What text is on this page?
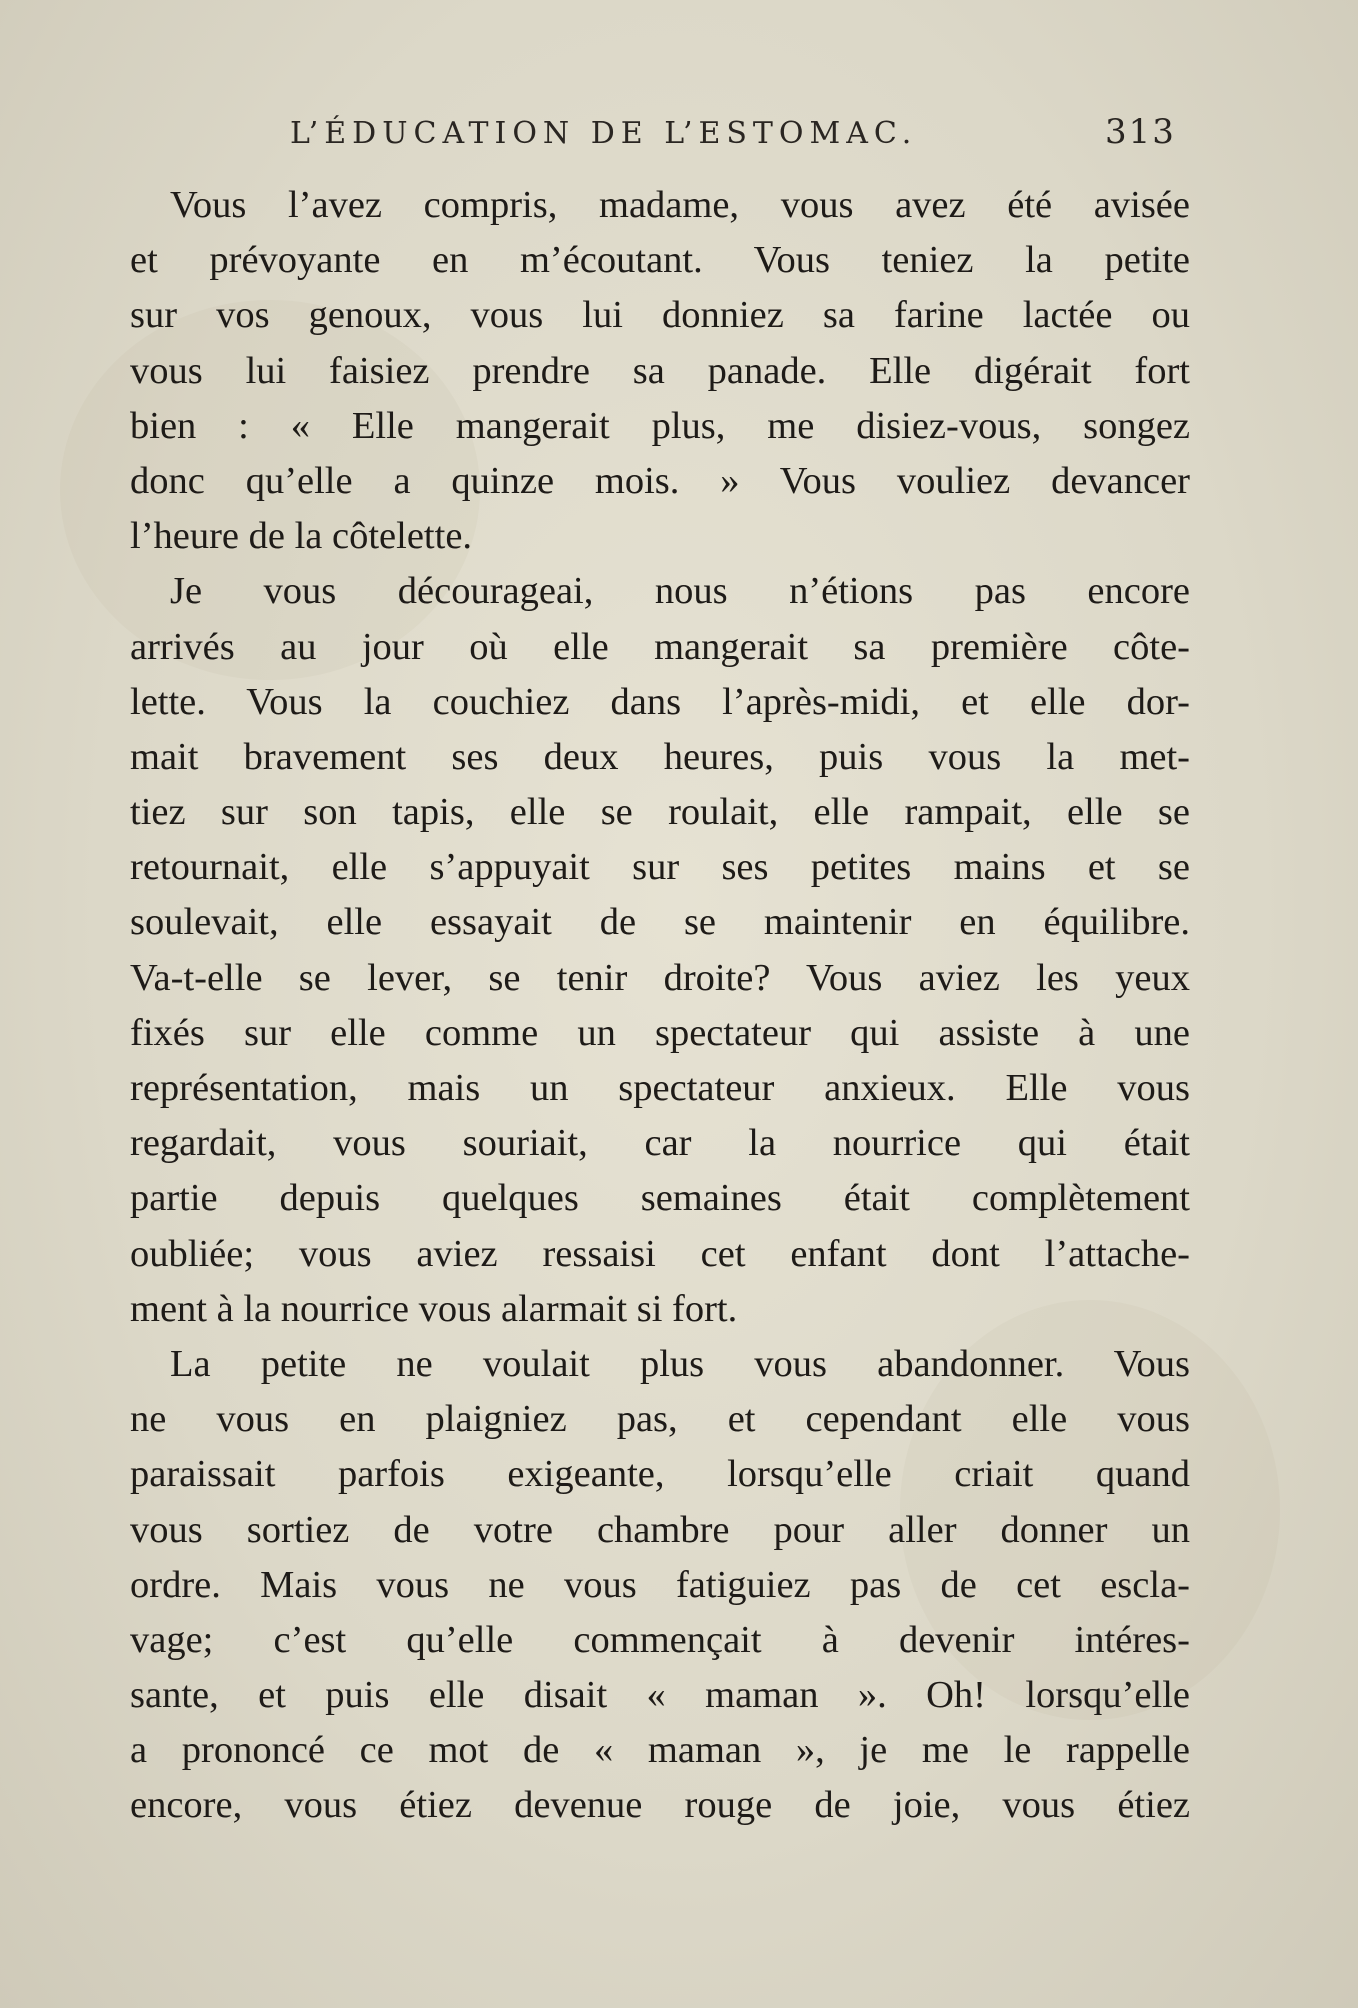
L’ÉDUCATION DE L’ESTOMAC.	313
Vous l’avez compris, madame, vous avez été avisée
et prévoyante en m’écoutant. Vous teniez la petite
sur vos genoux, vous lui donniez sa farine lactée ou
vous lui faisiez prendre sa panade. Elle digérait fort
bien : « Elle mangerait plus, me disiez-vous, songez
donc qu’elle a quinze mois. » Vous vouliez devancer
l’heure de la côtelette.
Je vous décourageai, nous n’étions pas encore
arrivés au jour où elle mangerait sa première côte-
lette. Vous la couchiez dans l’après-midi, et elle dor-
mait bravement ses deux heures, puis vous la met-
tiez sur son tapis, elle se roulait, elle rampait, elle se
retournait, elle s’appuyait sur ses petites mains et se
soulevait, elle essayait de se maintenir en équilibre.
Va-t-elle se lever, se tenir droite? Vous aviez les yeux
fixés sur elle comme un spectateur qui assiste à une
représentation, mais un spectateur anxieux. Elle vous
regardait, vous souriait, car la nourrice qui était
partie depuis quelques semaines était complètement
oubliée; vous aviez ressaisi cet enfant dont l’attache-
ment à la nourrice vous alarmait si fort.
La petite ne voulait plus vous abandonner. Vous
ne vous en plaigniez pas, et cependant elle vous
paraissait parfois exigeante, lorsqu’elle criait quand
vous sortiez de votre chambre pour aller donner un
ordre. Mais vous ne vous fatiguiez pas de cet escla-
vage; c’est qu’elle commençait à devenir intéres-
sante, et puis elle disait « maman ». Oh! lorsqu’elle
a prononcé ce mot de « maman », je me le rappelle
encore, vous étiez devenue rouge de joie, vous étiez
